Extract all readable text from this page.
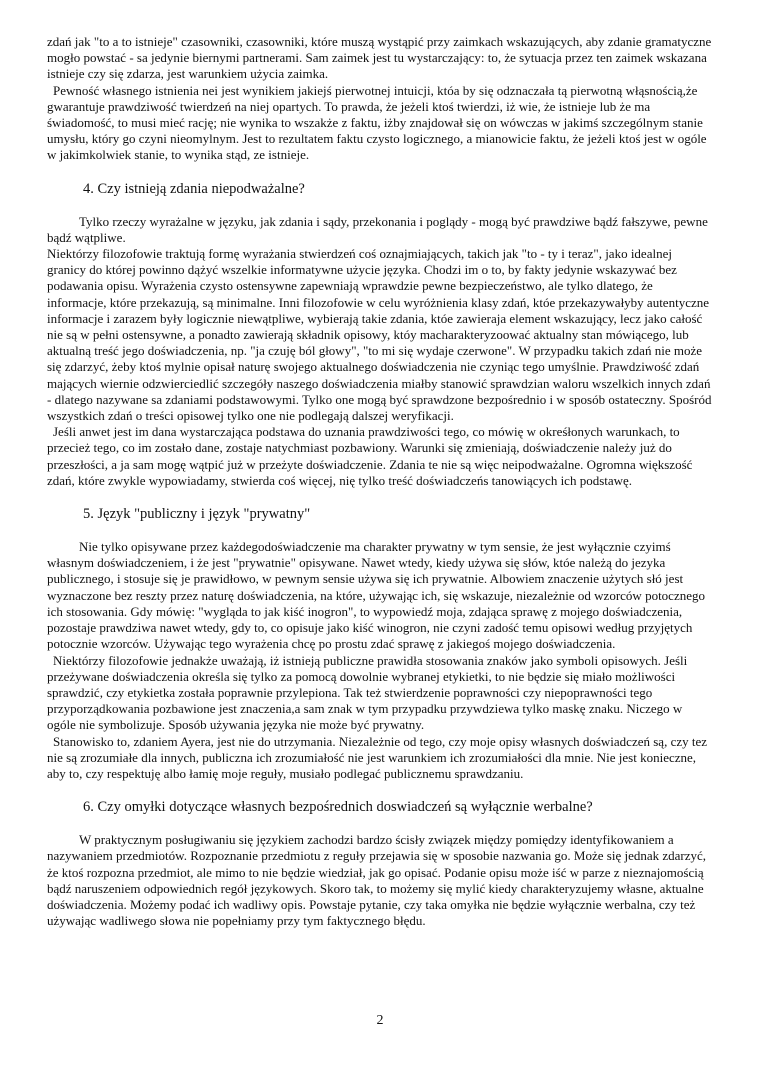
zdań jak "to a to istnieje" czasowniki, czasowniki, które muszą wystąpić przy zaimkach wskazujących, aby zdanie gramatyczne mogło powstać - sa jedynie biernymi partnerami. Sam zaimek jest tu wystarczający: to, że sytuacja przez ten zaimek wskazana istnieje czy się zdarza, jest warunkiem użycia zaimka.

Pewność własnego istnienia nei jest wynikiem jakiejś pierwotnej intuicji, któa by się odznaczała tą pierwotną włąsnością,że gwarantuje prawdziwość twierdzeń na niej opartych. To prawda, że jeżeli ktoś twierdzi, iż wie, że istnieje lub że ma świadomość, to musi mieć rację; nie wynika to wszakże z faktu, iżby znajdował się on wówczas w jakimś szczególnym stanie umysłu, który go czyni nieomylnym. Jest to rezultatem faktu czysto logicznego, a mianowicie faktu, że jeżeli ktoś jest w ogóle w jakimkolwiek stanie, to wynika stąd, ze istnieje.

4. Czy istnieją zdania niepodważalne?

Tylko rzeczy wyrażalne w języku, jak zdania i sądy, przekonania i poglądy - mogą być prawdziwe bądź fałszywe, pewne bądź wątpliwe.

Niektórzy filozofowie traktują formę wyrażania stwierdzeń coś oznajmiających, takich jak "to - ty i teraz", jako idealnej granicy do której powinno dążyć wszelkie informatywne użycie języka. Chodzi im o to, by fakty jedynie wskazywać bez podawania opisu. Wyrażenia czysto ostensywne zapewniają wprawdzie pewne bezpieczeństwo, ale tylko dlatego, że informacje, które przekazują, są minimalne. Inni filozofowie w celu wyróżnienia klasy zdań, któe przekazywałyby autentyczne informacje i zarazem były logicznie niewątpliwe, wybierają takie zdania, któe zawieraja element wskazujący, lecz jako całość nie są w pełni ostensywne, a ponadto zawierają składnik opisowy, któy macharakteryzoować aktualny stan mówiącego, lub aktualną treść jego doświadczenia, np. "ja czuję ból głowy", "to mi się wydaje czerwone". W przypadku takich zdań nie może się zdarzyć, żeby ktoś mylnie opisał naturę swojego aktualnego doświadczenia nie czyniąc tego umyślnie. Prawdziwość zdań mających wiernie odzwierciedlić szczegóły naszego doświadczenia miałby stanowić sprawdzian waloru wszelkich innych zdań - dlatego nazywane sa zdaniami podstawowymi. Tylko one mogą być sprawdzone bezpośrednio i w sposób ostateczny. Spośród wszystkich zdań o treści opisowej tylko one nie podlegają dalszej weryfikacji.

Jeśli anwet jest im dana wystarczająca podstawa do uznania prawdziwości tego, co mówię w okreśłonych warunkach, to przecież tego, co im zostało dane, zostaje natychmiast pozbawiony. Warunki się zmieniają, doświadczenie należy już do przeszłości, a ja sam mogę wątpić już w przeżyte doświadczenie. Zdania te nie są więc neipodważalne. Ogromna większość zdań, które zwykle wypowiadamy, stwierda coś więcej, nię tylko treść doświadczeńs tanowiących ich podstawę.

5. Język "publiczny i język "prywatny"

Nie tylko opisywane przez każdegodoświadczenie ma charakter prywatny w tym sensie, że jest wyłącznie czyimś własnym doświadczeniem, i że jest "prywatnie" opisywane. Nawet wtedy, kiedy używa się słów, któe należą do jezyka publicznego, i stosuje się je prawidłowo, w pewnym sensie używa się ich prywatnie. Albowiem znaczenie użytych słó jest wyznaczone bez reszty przez naturę doświadczenia, na które, używając ich, się wskazuje, niezależnie od wzorców potocznego ich stosowania. Gdy mówię: "wygląda to jak kiść inogron", to wypowiedź moja, zdająca sprawę z mojego doświadczenia, pozostaje prawdziwa nawet wtedy, gdy to, co opisuje jako kiść winogron, nie czyni zadość temu opisowi według przyjętych potocznie wzorców. Używając tego wyrażenia chcę po prostu zdać sprawę z jakiegoś mojego doświadczenia.

Niektórzy filozofowie jednakże uważają, iż istnieją publiczne prawidła stosowania znaków jako symboli opisowych. Jeśli przeżywane doświadczenia określa się tylko za pomocą dowolnie wybranej etykietki, to nie będzie się miało możliwości sprawdzić, czy etykietka została poprawnie przylepiona. Tak też stwierdzenie poprawności czy niepoprawności tego przyporządkowania pozbawione jest znaczenia,a sam znak w tym przypadku przywdziewa tylko maskę znaku. Niczego w ogóle nie symbolizuje. Sposób używania języka nie może być prywatny.

Stanowisko to, zdaniem Ayera, jest nie do utrzymania. Niezależnie od tego, czy moje opisy własnych doświadczeń są, czy tez nie są zrozumiałe dla innych, publiczna ich zrozumiałość nie jest warunkiem ich zrozumiałości dla mnie. Nie jest konieczne, aby to, czy respektuję albo łamię moje reguły, musiało podlegać publicznemu sprawdzaniu.

6. Czy omyłki dotyczące własnych bezpośrednich doswiadczeń są wyłącznie werbalne?

W praktycznym posługiwaniu się językiem zachodzi bardzo ścisły związek między pomiędzy identyfikowaniem a nazywaniem przedmiotów. Rozpoznanie przedmiotu z reguły przejawia się w sposobie nazwania go. Może się jednak zdarzyć, że ktoś rozpozna przedmiot, ale mimo to nie będzie wiedział, jak go opisać. Podanie opisu może iść w parze z nieznajomością bądź naruszeniem odpowiednich regół językowych. Skoro tak, to możemy się mylić kiedy charakteryzujemy własne, aktualne doświadczenia. Możemy podać ich wadliwy opis. Powstaje pytanie, czy taka omyłka nie będzie wyłącznie werbalna, czy też używając wadliwego słowa nie popełniamy przy tym faktycznego błędu.

2
